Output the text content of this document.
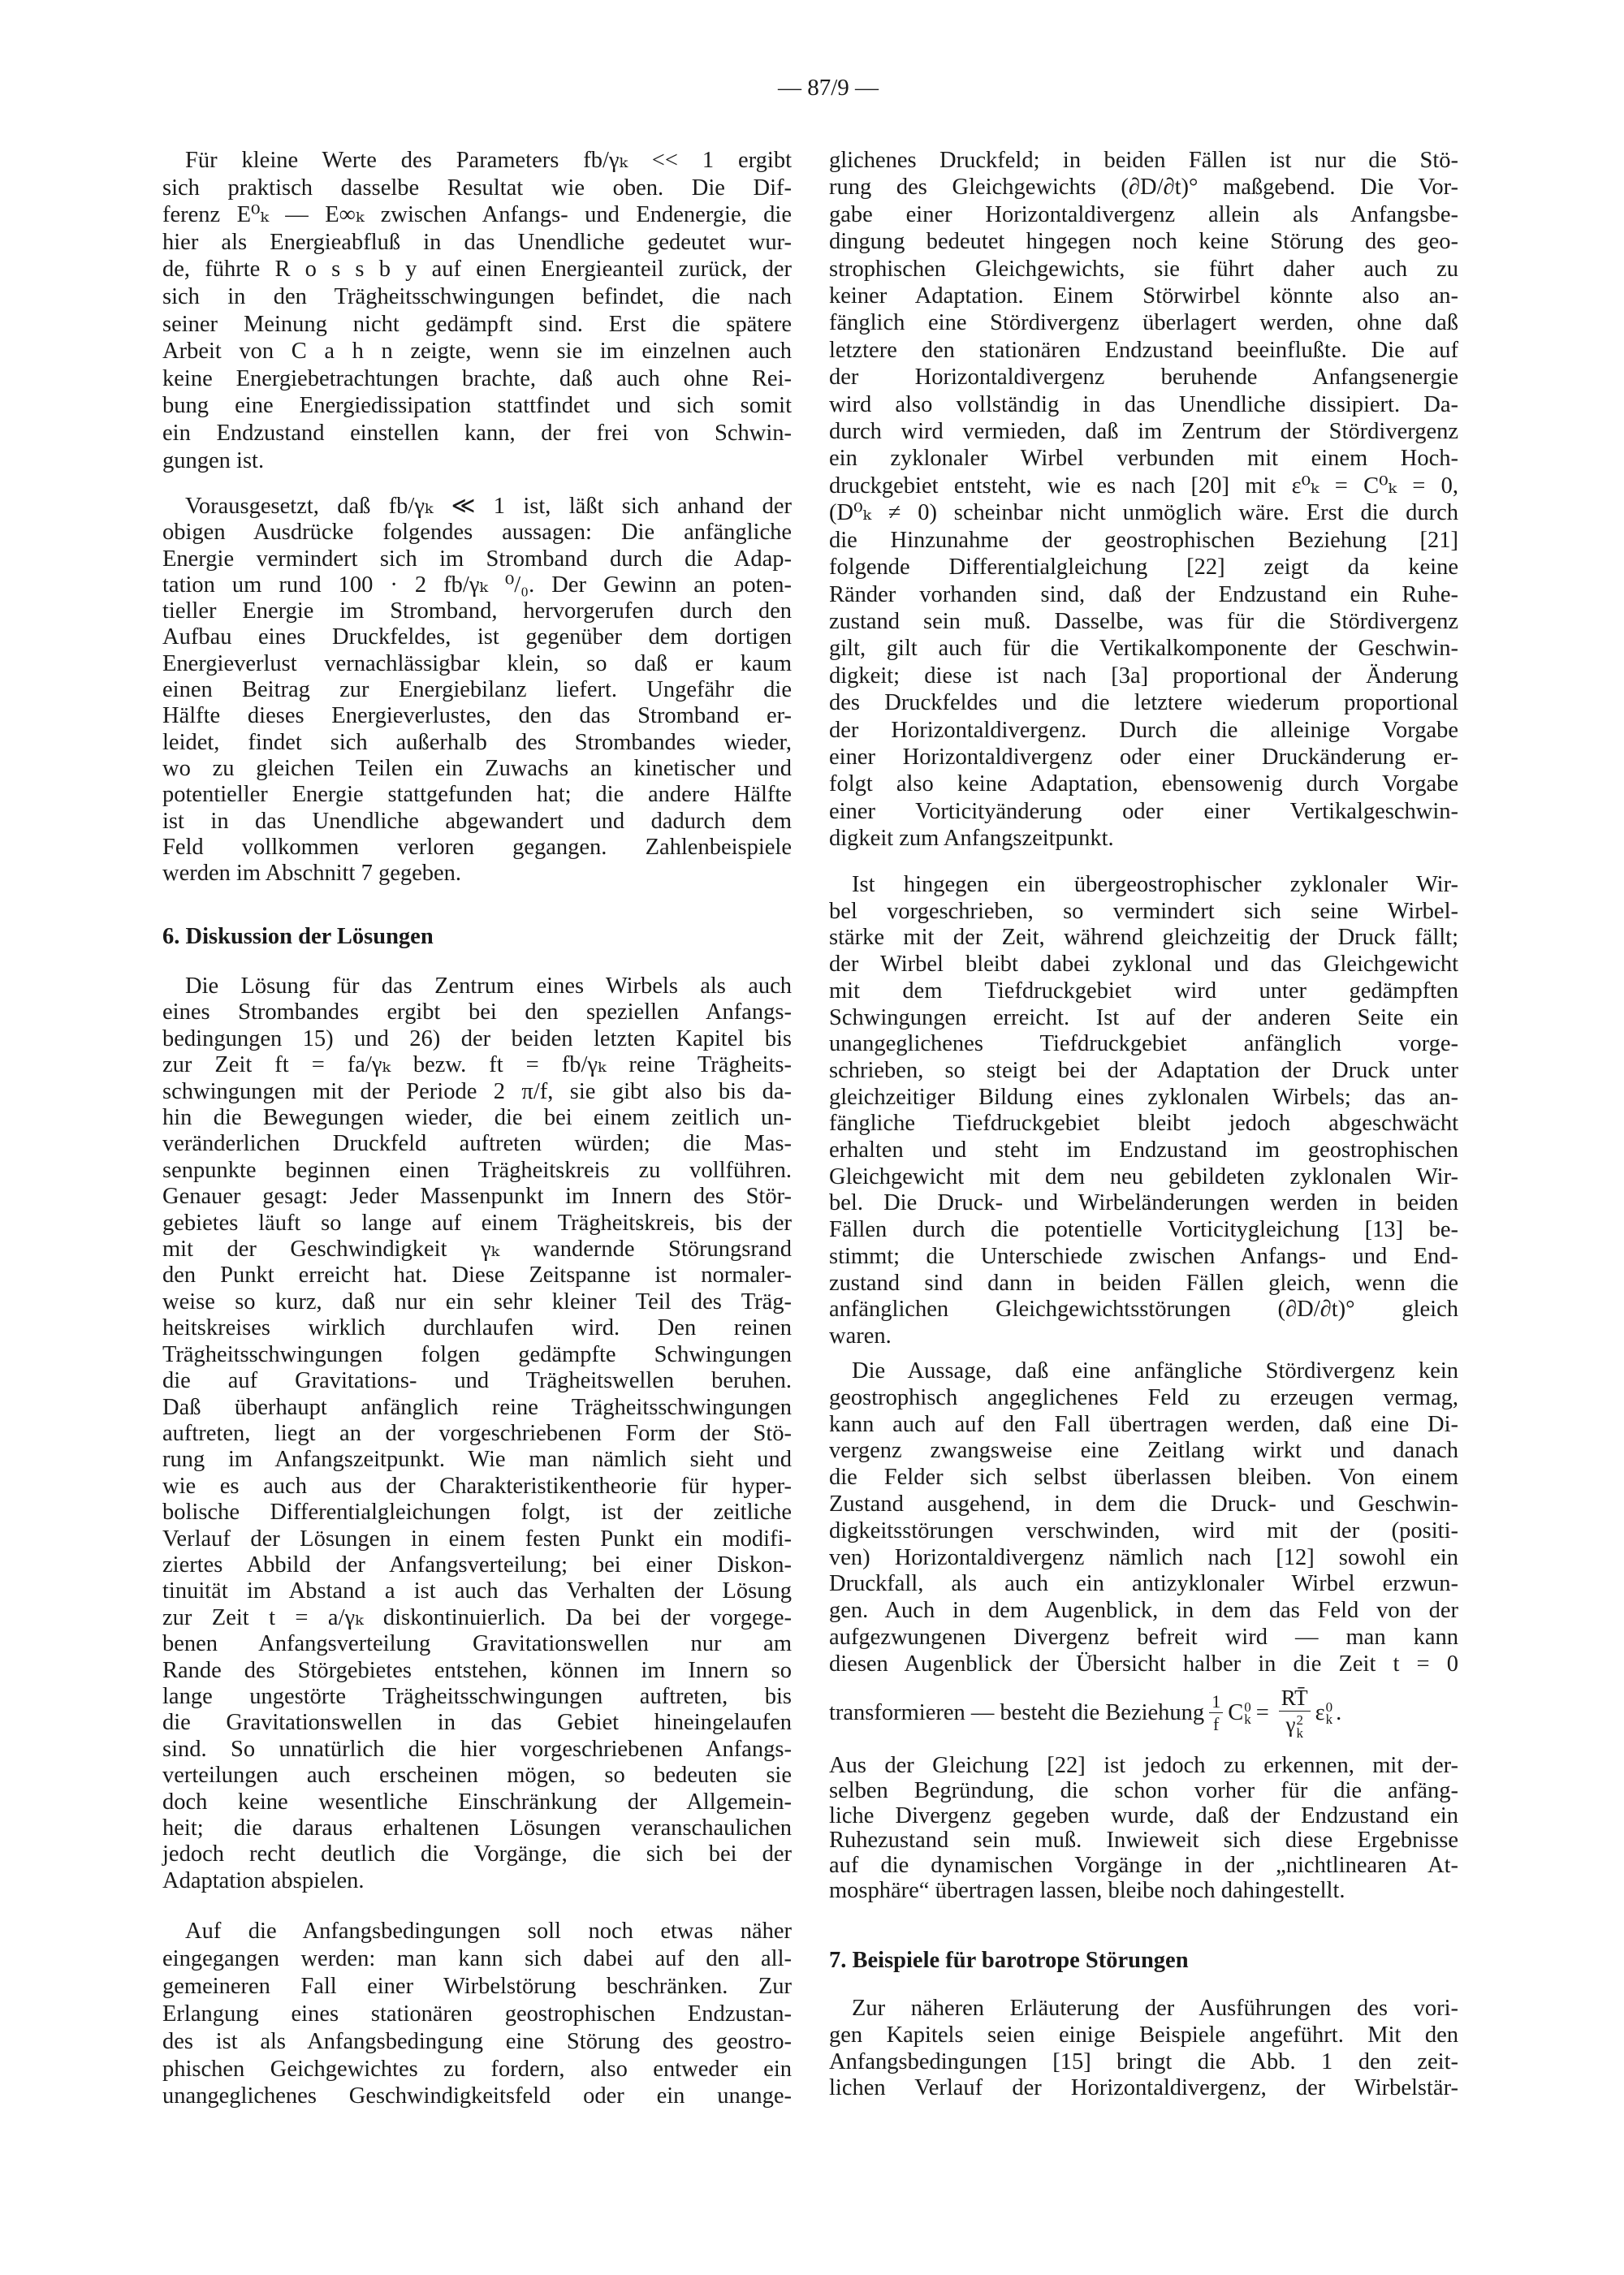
— 87/9 —
Für kleine Werte des Parameters fb/γₖ << 1 ergibt
sich praktisch dasselbe Resultat wie oben. Die Dif-
ferenz E⁰ₖ — E∞ₖ zwischen Anfangs- und Endenergie, die
hier als Energieabfluß in das Unendliche gedeutet wur-
de, führte R o s s b y auf einen Energieanteil zurück, der
sich in den Trägheitsschwingungen befindet, die nach
seiner Meinung nicht gedämpft sind. Erst die spätere
Arbeit von C a h n zeigte, wenn sie im einzelnen auch
keine Energiebetrachtungen brachte, daß auch ohne Rei-
bung eine Energiedissipation stattfindet und sich somit
ein Endzustand einstellen kann, der frei von Schwin-
gungen ist.
Vorausgesetzt, daß fb/γₖ ≪ 1 ist, läßt sich anhand der
obigen Ausdrücke folgendes aussagen: Die anfängliche
Energie vermindert sich im Stromband durch die Adap-
tation um rund 100 · 2 fb/γₖ ⁰/₀. Der Gewinn an poten-
tieller Energie im Stromband, hervorgerufen durch den
Aufbau eines Druckfeldes, ist gegenüber dem dortigen
Energieverlust vernachlässigbar klein, so daß er kaum
einen Beitrag zur Energiebilanz liefert. Ungefähr die
Hälfte dieses Energieverlustes, den das Stromband er-
leidet, findet sich außerhalb des Strombandes wieder,
wo zu gleichen Teilen ein Zuwachs an kinetischer und
potentieller Energie stattgefunden hat; die andere Hälfte
ist in das Unendliche abgewandert und dadurch dem
Feld vollkommen verloren gegangen. Zahlenbeispiele
werden im Abschnitt 7 gegeben.
6. Diskussion der Lösungen
Die Lösung für das Zentrum eines Wirbels als auch
eines Strombandes ergibt bei den speziellen Anfangs-
bedingungen 15) und 26) der beiden letzten Kapitel bis
zur Zeit ft = fa/γₖ bezw. ft = fb/γₖ reine Trägheits-
schwingungen mit der Periode 2 π/f, sie gibt also bis da-
hin die Bewegungen wieder, die bei einem zeitlich un-
veränderlichen Druckfeld auftreten würden; die Mas-
senpunkte beginnen einen Trägheitskreis zu vollführen.
Genauer gesagt: Jeder Massenpunkt im Innern des Stör-
gebietes läuft so lange auf einem Trägheitskreis, bis der
mit der Geschwindigkeit γₖ wandernde Störungsrand
den Punkt erreicht hat. Diese Zeitspanne ist normaler-
weise so kurz, daß nur ein sehr kleiner Teil des Träg-
heitskreises wirklich durchlaufen wird. Den reinen
Trägheitsschwingungen folgen gedämpfte Schwingungen
die auf Gravitations- und Trägheitswellen beruhen.
Daß überhaupt anfänglich reine Trägheitsschwingungen
auftreten, liegt an der vorgeschriebenen Form der Stö-
rung im Anfangszeitpunkt. Wie man nämlich sieht und
wie es auch aus der Charakteristikentheorie für hyper-
bolische Differentialgleichungen folgt, ist der zeitliche
Verlauf der Lösungen in einem festen Punkt ein modifi-
ziertes Abbild der Anfangsverteilung; bei einer Diskon-
tinuität im Abstand a ist auch das Verhalten der Lösung
zur Zeit t = a/γₖ diskontinuierlich. Da bei der vorgege-
benen Anfangsverteilung Gravitationswellen nur am
Rande des Störgebietes entstehen, können im Innern so
lange ungestörte Trägheitsschwingungen auftreten, bis
die Gravitationswellen in das Gebiet hineingelaufen
sind. So unnatürlich die hier vorgeschriebenen Anfangs-
verteilungen auch erscheinen mögen, so bedeuten sie
doch keine wesentliche Einschränkung der Allgemein-
heit; die daraus erhaltenen Lösungen veranschaulichen
jedoch recht deutlich die Vorgänge, die sich bei der
Adaptation abspielen.
Auf die Anfangsbedingungen soll noch etwas näher
eingegangen werden: man kann sich dabei auf den all-
gemeineren Fall einer Wirbelstörung beschränken. Zur
Erlangung eines stationären geostrophischen Endzustan-
des ist als Anfangsbedingung eine Störung des geostro-
phischen Geichgewichtes zu fordern, also entweder ein
unangeglichenes Geschwindigkeitsfeld oder ein unange-
glichenes Druckfeld; in beiden Fällen ist nur die Stö-
rung des Gleichgewichts (∂D/∂t)° maßgebend. Die Vor-
gabe einer Horizontaldivergenz allein als Anfangsbe-
dingung bedeutet hingegen noch keine Störung des geo-
strophischen Gleichgewichts, sie führt daher auch zu
keiner Adaptation. Einem Störwirbel könnte also an-
fänglich eine Stördivergenz überlagert werden, ohne daß
letztere den stationären Endzustand beeinflußte. Die auf
der Horizontaldivergenz beruhende Anfangsenergie
wird also vollständig in das Unendliche dissipiert. Da-
durch wird vermieden, daß im Zentrum der Stördivergenz
ein zyklonaler Wirbel verbunden mit einem Hoch-
druckgebiet entsteht, wie es nach [20] mit ε⁰ₖ = C⁰ₖ = 0,
(D⁰ₖ ≠ 0) scheinbar nicht unmöglich wäre. Erst die durch
die Hinzunahme der geostrophischen Beziehung [21]
folgende Differentialgleichung [22] zeigt da keine
Ränder vorhanden sind, daß der Endzustand ein Ruhe-
zustand sein muß. Dasselbe, was für die Stördivergenz
gilt, gilt auch für die Vertikalkomponente der Geschwin-
digkeit; diese ist nach [3a] proportional der Änderung
des Druckfeldes und die letztere wiederum proportional
der Horizontaldivergenz. Durch die alleinige Vorgabe
einer Horizontaldivergenz oder einer Druckänderung er-
folgt also keine Adaptation, ebensowenig durch Vorgabe
einer Vorticityänderung oder einer Vertikalgeschwin-
digkeit zum Anfangszeitpunkt.
Ist hingegen ein übergeostrophischer zyklonaler Wir-
bel vorgeschrieben, so vermindert sich seine Wirbel-
stärke mit der Zeit, während gleichzeitig der Druck fällt;
der Wirbel bleibt dabei zyklonal und das Gleichgewicht
mit dem Tiefdruckgebiet wird unter gedämpften
Schwingungen erreicht. Ist auf der anderen Seite ein
unangeglichenes Tiefdruckgebiet anfänglich vorge-
schrieben, so steigt bei der Adaptation der Druck unter
gleichzeitiger Bildung eines zyklonalen Wirbels; das an-
fängliche Tiefdruckgebiet bleibt jedoch abgeschwächt
erhalten und steht im Endzustand im geostrophischen
Gleichgewicht mit dem neu gebildeten zyklonalen Wir-
bel. Die Druck- und Wirbeländerungen werden in beiden
Fällen durch die potentielle Vorticitygleichung [13] be-
stimmt; die Unterschiede zwischen Anfangs- und End-
zustand sind dann in beiden Fällen gleich, wenn die
anfänglichen Gleichgewichtsstörungen (∂D/∂t)° gleich
waren.
Die Aussage, daß eine anfängliche Stördivergenz kein
geostrophisch angeglichenes Feld zu erzeugen vermag,
kann auch auf den Fall übertragen werden, daß eine Di-
vergenz zwangsweise eine Zeitlang wirkt und danach
die Felder sich selbst überlassen bleiben. Von einem
Zustand ausgehend, in dem die Druck- und Geschwin-
digkeitsstörungen verschwinden, wird mit der (positi-
ven) Horizontaldivergenz nämlich nach [12] sowohl ein
Druckfall, als auch ein antizyklonaler Wirbel erzwun-
gen. Auch in dem Augenblick, in dem das Feld von der
aufgezwungenen Divergenz befreit wird — man kann
diesen Augenblick der Übersicht halber in die Zeit t = 0
transformieren — besteht die Beziehung $\frac{1}{f}$ C 0
k = RT̄
γ 2
k ε 0
k .
Aus der Gleichung [22] ist jedoch zu erkennen, mit der-
selben Begründung, die schon vorher für die anfäng-
liche Divergenz gegeben wurde, daß der Endzustand ein
Ruhezustand sein muß. Inwieweit sich diese Ergebnisse
auf die dynamischen Vorgänge in der „nichtlinearen At-
mosphäre“ übertragen lassen, bleibe noch dahingestellt.
7. Beispiele für barotrope Störungen
Zur näheren Erläuterung der Ausführungen des vori-
gen Kapitels seien einige Beispiele angeführt. Mit den
Anfangsbedingungen [15] bringt die Abb. 1 den zeit-
lichen Verlauf der Horizontaldivergenz, der Wirbelstär-
